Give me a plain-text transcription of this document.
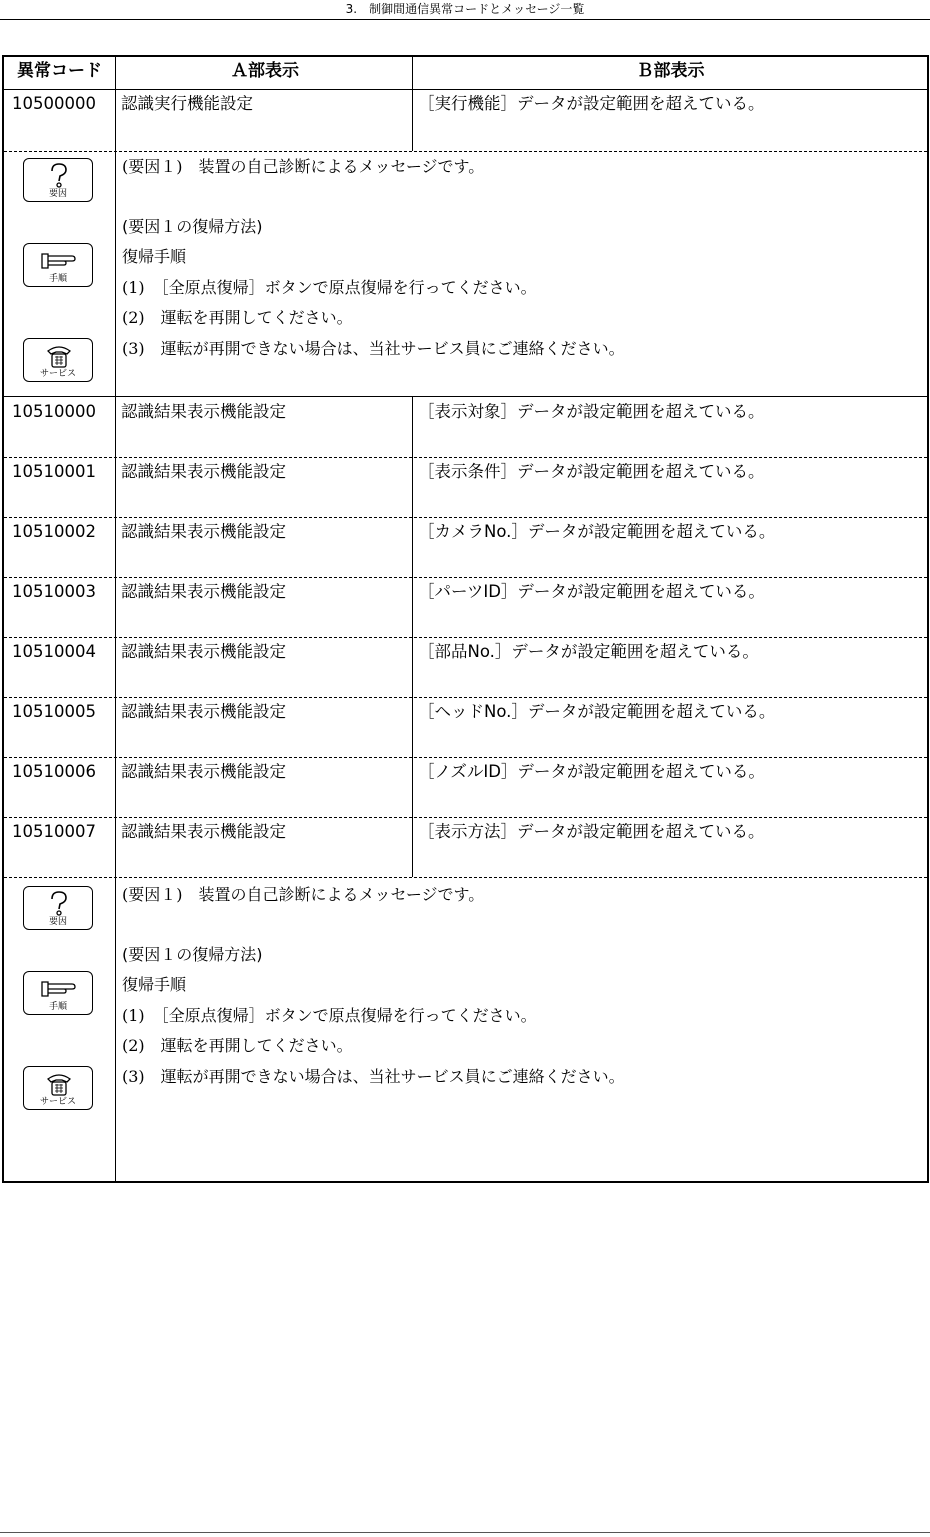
3.　制御間通信異常コードとメッセージ一覧
異常コード	Ａ部表示	Ｂ部表示
10500000 認識実行機能設定	［実行機能］データが設定範囲を超えている。
要因
手順
サービス
(要因１)　装置の自己診断によるメッセージです。
(要因１の復帰方法)
復帰手順
(1)　［全原点復帰］ボタンで原点復帰を行ってください。
(2)　運転を再開してください。
(3)　運転が再開できない場合は、当社サービス員にご連絡ください。
10510000 認識結果表示機能設定	［表示対象］データが設定範囲を超えている。
10510001 認識結果表示機能設定	［表示条件］データが設定範囲を超えている。
10510002 認識結果表示機能設定	［カメラNo.］データが設定範囲を超えている。
10510003 認識結果表示機能設定	［パーツID］データが設定範囲を超えている。
10510004 認識結果表示機能設定	［部品No.］データが設定範囲を超えている。
10510005 認識結果表示機能設定	［ヘッドNo.］データが設定範囲を超えている。
10510006 認識結果表示機能設定	［ノズルID］データが設定範囲を超えている。
10510007 認識結果表示機能設定	［表示方法］データが設定範囲を超えている。
要因
手順
サービス
(要因１)　装置の自己診断によるメッセージです。
(要因１の復帰方法)
復帰手順
(1)　［全原点復帰］ボタンで原点復帰を行ってください。
(2)　運転を再開してください。
(3)　運転が再開できない場合は、当社サービス員にご連絡ください。
